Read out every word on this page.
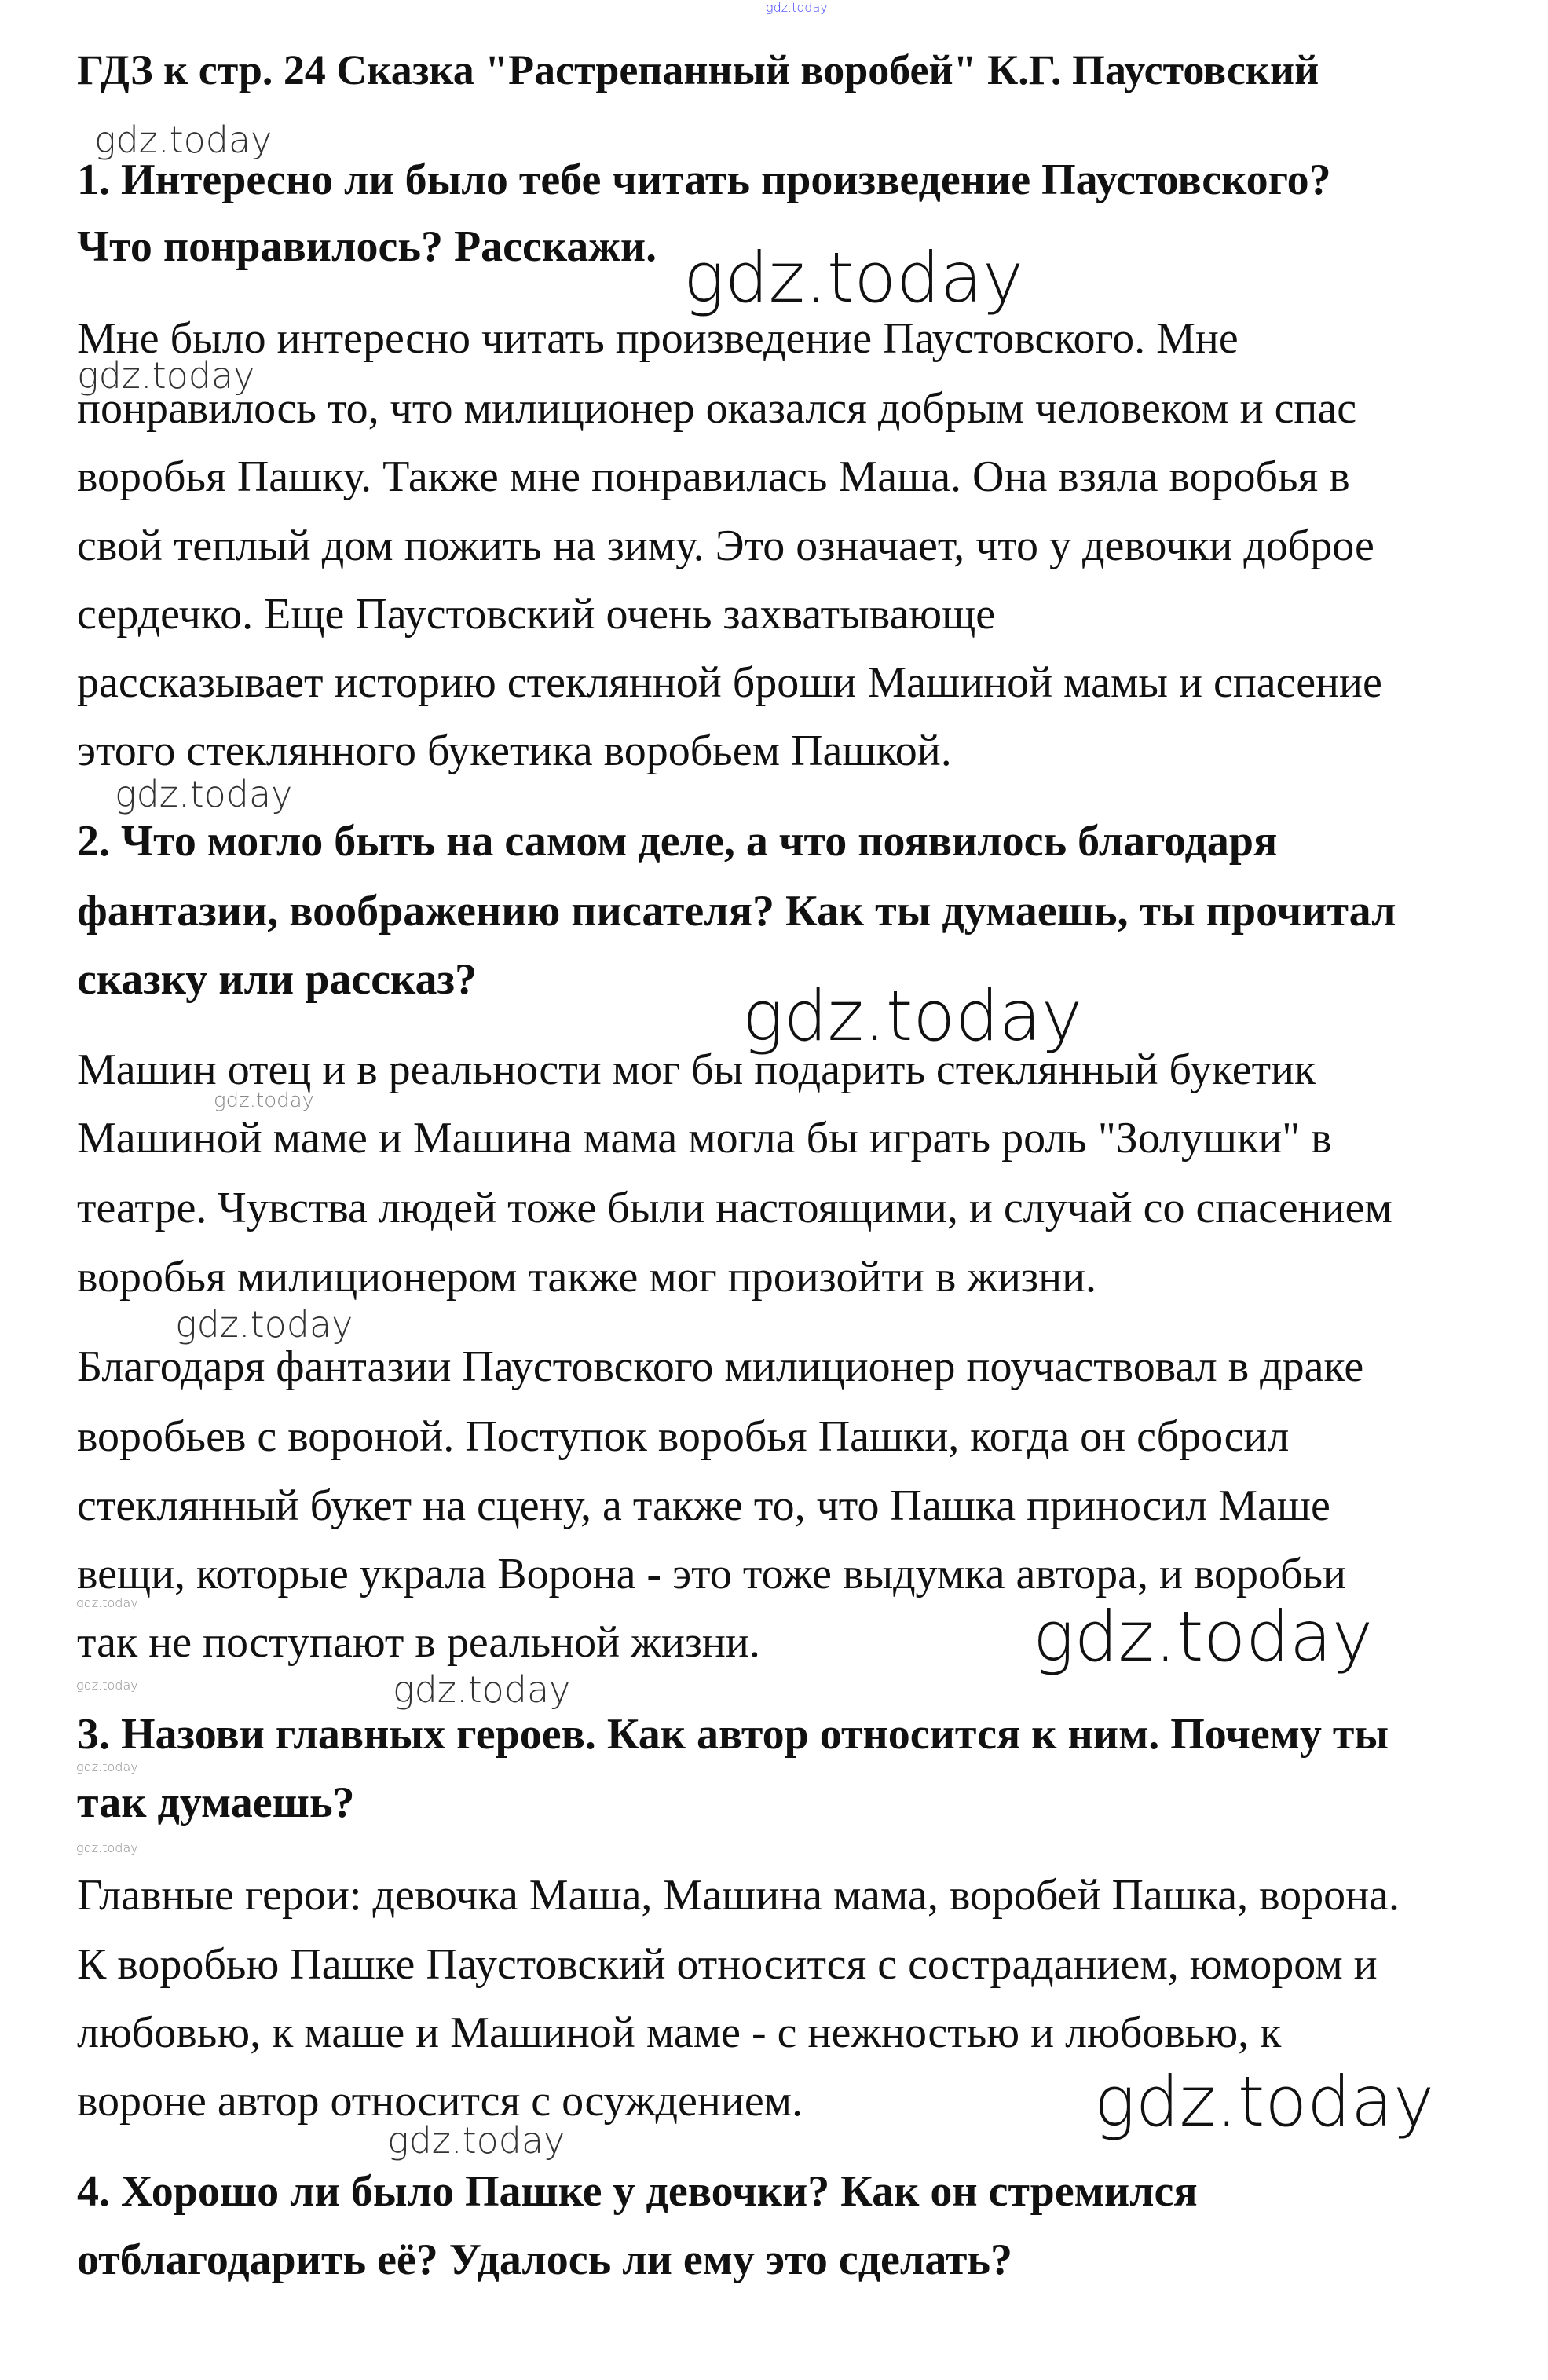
gdz.today
ГДЗ к стр. 24 Сказка "Растрепанный воробей" К.Г. Паустовский
gdz.today
1. Интересно ли было тебе читать произведение Паустовского?
Что понравилось? Расскажи. gdz.today
Мне было интересно читать произведение Паустовского. Мне
gdz.today
понравилось то, что милиционер оказался добрым человеком и спас
воробья Пашку. Также мне понравилась Маша. Она взяла воробья в
свой теплый дом пожить на зиму. Это означает, что у девочки доброе
сердечко. Еще Паустовский очень захватывающе
рассказывает историю стеклянной броши Машиной мамы и спасение
этого стеклянного букетика воробьем Пашкой.
gdz.today
2. Что могло быть на самом деле, а что появилось благодаря
фантазии, воображению писателя? Как ты думаешь, ты прочитал
сказку или рассказ?	gdz.today
Машин отец и в реальности мог бы подарить стеклянный букетик
gdz.today
Машиной маме и Машина мама могла бы играть роль "Золушки" в
театре. Чувства людей тоже были настоящими, и случай со спасением
воробья милиционером также мог произойти в жизни.
gdz.today
Благодаря фантазии Паустовского милиционер поучаствовал в драке
воробьев с вороной. Поступок воробья Пашки, когда он сбросил
стеклянный букет на сцену, а также то, что Пашка приносил Маше
вещи, которые украла Ворона - это тоже выдумка автора, и воробьи
gdz.today
так не поступают в реальной жизни.	gdz.today
gdz.today	gdz.today
3. Назови главных героев. Как автор относится к ним. Почему ты
gdz.today
так думаешь?
gdz.today
Главные герои: девочка Маша, Машина мама, воробей Пашка, ворона.
К воробью Пашке Паустовский относится с состраданием, юмором и
любовью, к маше и Машиной маме - с нежностью и любовью, к
вороне автор относится с осуждением.	gdz.today
gdz.today
4. Хорошо ли было Пашке у девочки? Как он стремился
отблагодарить её? Удалось ли ему это сделать?
